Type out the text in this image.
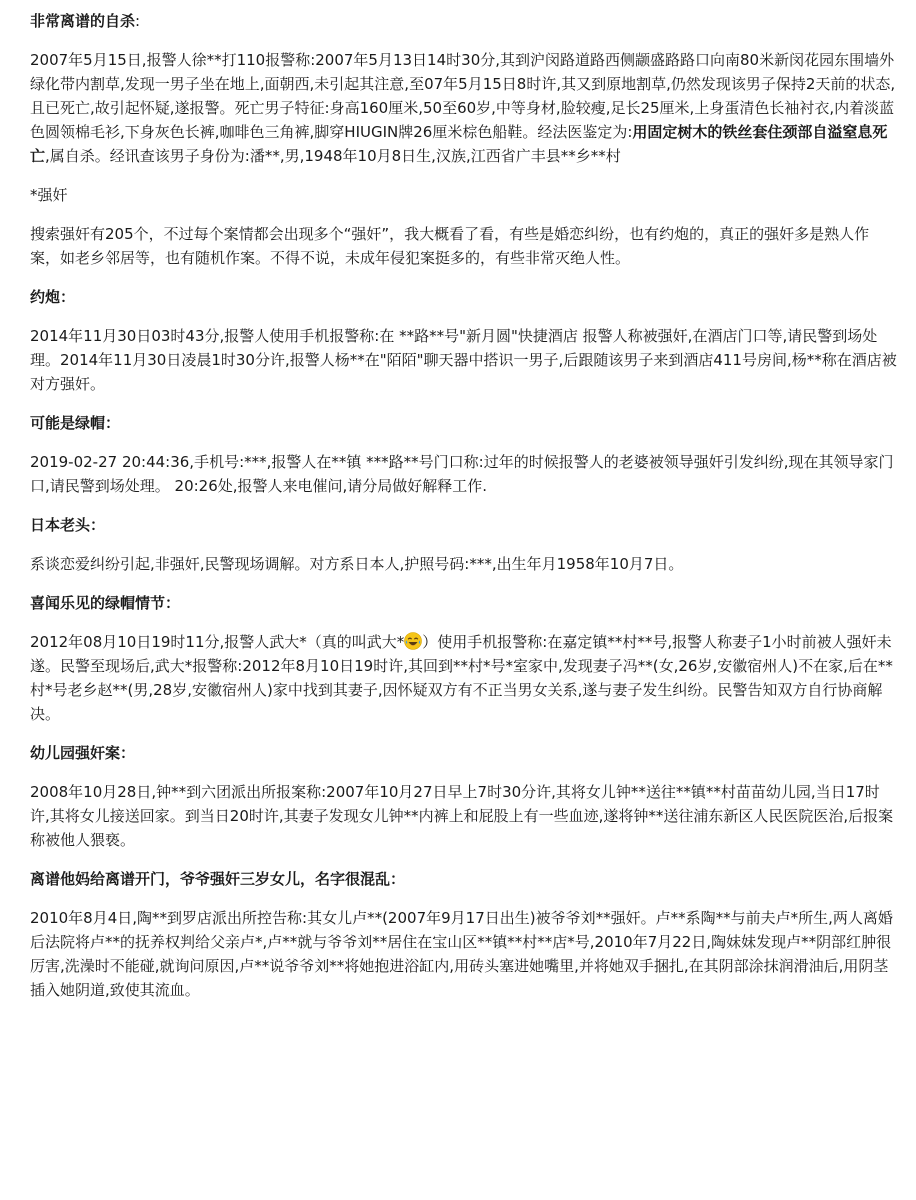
非常离谱的自杀:

2007年5月15日,报警人徐**打110报警称:2007年5月13日14时30分,其到沪闵路道路西侧颛盛路路口向南80米新闵花园东围墙外绿化带内割草,发现一男子坐在地上,面朝西,未引起其注意,至07年5月15日8时许,其又到原地割草,仍然发现该男子保持2天前的状态,且已死亡,故引起怀疑,遂报警。死亡男子特征:身高160厘米,50至60岁,中等身材,脸较瘦,足长25厘米,上身蛋清色长袖衬衣,内着淡蓝色圆领棉毛衫,下身灰色长裤,咖啡色三角裤,脚穿HIUGIN牌26厘米棕色船鞋。经法医鉴定为:用固定树木的铁丝套住颈部自溢窒息死亡,属自杀。经讯查该男子身份为:潘**,男,1948年10月8日生,汉族,江西省广丰县**乡**村

*强奸

搜索强奸有205个，不过每个案情都会出现多个“强奸”，我大概看了看，有些是婚恋纠纷，也有约炮的，真正的强奸多是熟人作案，如老乡邻居等，也有随机作案。不得不说，未成年侵犯案挺多的，有些非常灭绝人性。

约炮：

2014年11月30日03时43分,报警人使用手机报警称:在 **路**号"新月圆"快捷酒店 报警人称被强奸,在酒店门口等,请民警到场处理。2014年11月30日凌晨1时30分许,报警人杨**在"陌陌"聊天器中搭识一男子,后跟随该男子来到酒店411号房间,杨**称在酒店被对方强奸。

可能是绿帽：

2019-02-27 20:44:36,手机号:***,报警人在**镇 ***路**号门口称:过年的时候报警人的老婆被领导强奸引发纠纷,现在其领导家门口,请民警到场处理。 20:26处,报警人来电催问,请分局做好解释工作.

日本老头：

系谈恋爱纠纷引起,非强奸,民警现场调解。对方系日本人,护照号码:***,出生年月1958年10月7日。

喜闻乐见的绿帽情节：

2012年08月10日19时11分,报警人武大*（真的叫武大* ）使用手机报警称:在嘉定镇**村**号,报警人称妻子1小时前被人强奸未遂。民警至现场后,武大*报警称:2012年8月10日19时许,其回到**村*号*室家中,发现妻子冯**(女,26岁,安徽宿州人)不在家,后在**村*号老乡赵**(男,28岁,安徽宿州人)家中找到其妻子,因怀疑双方有不正当男女关系,遂与妻子发生纠纷。民警告知双方自行协商解决。

幼儿园强奸案：

2008年10月28日,钟**到六团派出所报案称:2007年10月27日早上7时30分许,其将女儿钟**送往**镇**村苗苗幼儿园,当日17时许,其将女儿接送回家。到当日20时许,其妻子发现女儿钟**内裤上和屁股上有一些血迹,遂将钟**送往浦东新区人民医院医治,后报案称被他人猥亵。

离谱他妈给离谱开门，爷爷强奸三岁女儿，名字很混乱：

2010年8月4日,陶**到罗店派出所控告称:其女儿卢**(2007年9月17日出生)被爷爷刘**强奸。卢**系陶**与前夫卢*所生,两人离婚后法院将卢**的抚养权判给父亲卢*,卢**就与爷爷刘**居住在宝山区**镇**村**店*号,2010年7月22日,陶妹妹发现卢**阴部红肿很厉害,洗澡时不能碰,就询问原因,卢**说爷爷刘**将她抱进浴缸内,用砖头塞进她嘴里,并将她双手捆扎,在其阴部涂抹润滑油后,用阴茎插入她阴道,致使其流血。
